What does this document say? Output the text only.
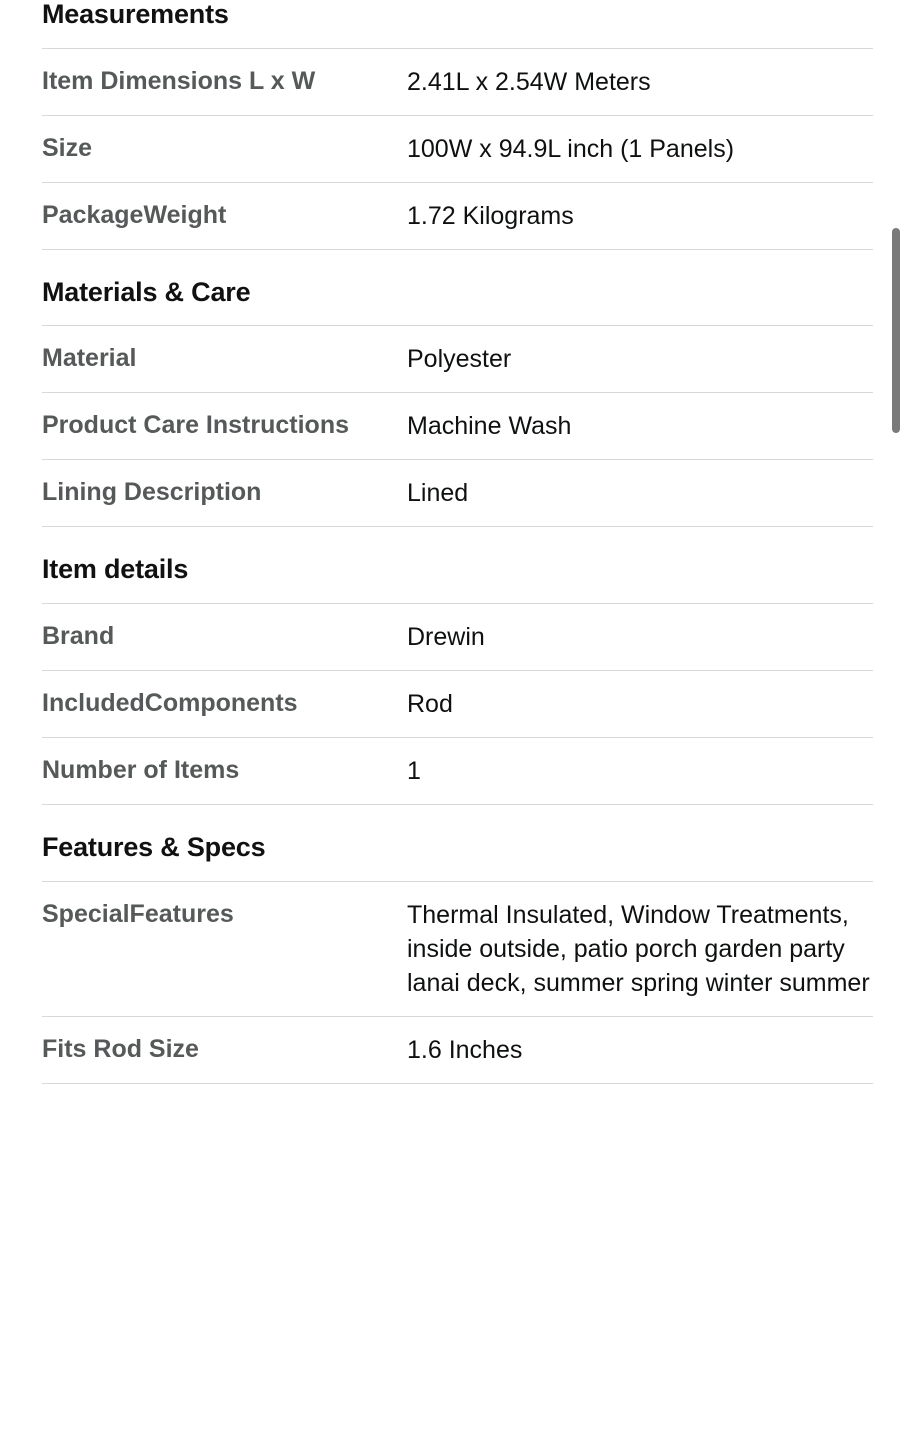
Measurements
Item Dimensions L x W	2.41L x 2.54W Meters
Size	100W x 94.9L inch (1 Panels)
PackageWeight	1.72 Kilograms
Materials & Care
Material	Polyester
Product Care Instructions	Machine Wash
Lining Description	Lined
Item details
Brand	Drewin
IncludedComponents	Rod
Number of Items	1
Features & Specs
SpecialFeatures	Thermal Insulated, Window Treatments, inside outside, patio porch garden party lanai deck, summer spring winter summer
Fits Rod Size	1.6 Inches
